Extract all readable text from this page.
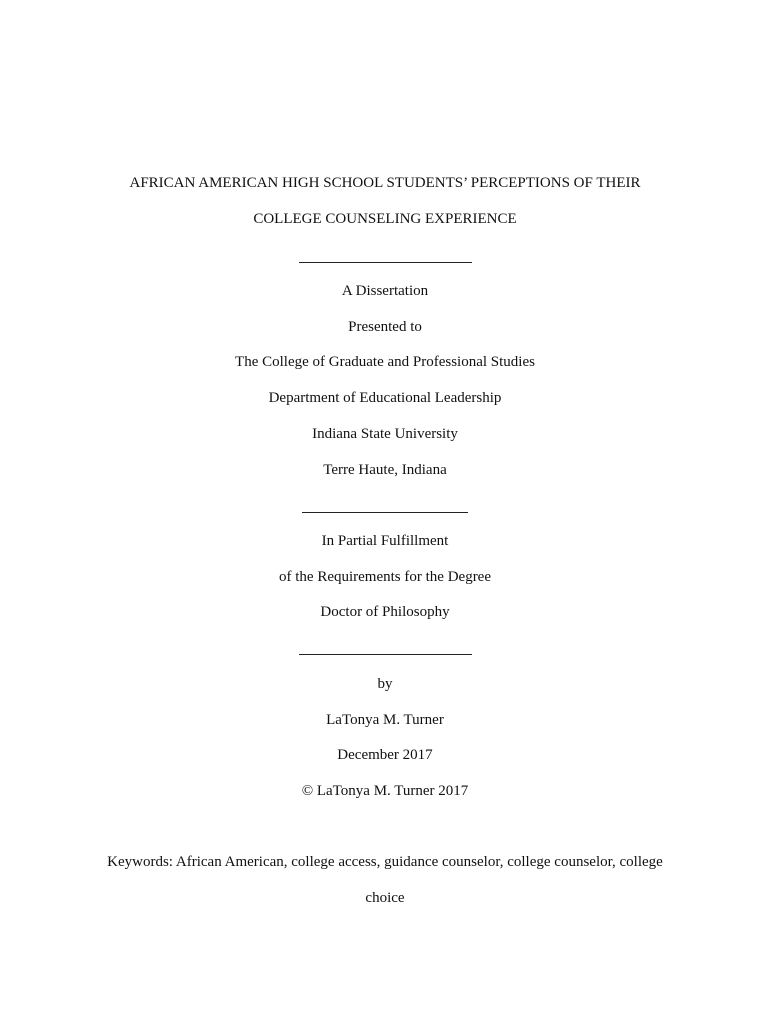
AFRICAN AMERICAN HIGH SCHOOL STUDENTS’ PERCEPTIONS OF THEIR
COLLEGE COUNSELING EXPERIENCE
A Dissertation
Presented to
The College of Graduate and Professional Studies
Department of Educational Leadership
Indiana State University
Terre Haute, Indiana
In Partial Fulfillment
of the Requirements for the Degree
Doctor of Philosophy
by
LaTonya M. Turner
December 2017
© LaTonya M. Turner 2017
Keywords: African American, college access, guidance counselor, college counselor, college
choice
